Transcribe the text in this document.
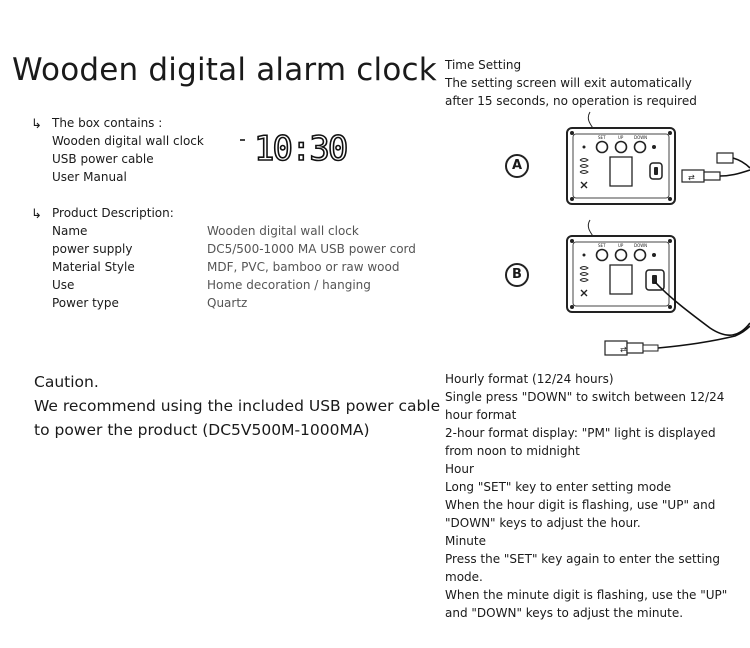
Wooden digital alarm clock
↳ The box contains :
Wooden digital wall clock
USB power cable
User Manual
10:30
↳ Product Description:
Name	Wooden digital wall clock
power supply	DC5/500-1000 MA USB power cord
Material Style	MDF, PVC, bamboo or raw wood
Use	Home decoration / hanging
Power type	Quartz
Caution.
We recommend using the included USB power cable
to power the product (DC5V500M-1000MA)
Time Setting
The setting screen will exit automatically
after 15 seconds, no operation is required
A
SET	UP	DOWN
⇄
B
SET	UP	DOWN
⇄
Hourly format (12/24 hours)
Single press "DOWN" to switch between 12/24
hour format
2-hour format display: "PM" light is displayed
from noon to midnight
Hour
Long "SET" key to enter setting mode
When the hour digit is flashing, use "UP" and
"DOWN" keys to adjust the hour.
Minute
Press the "SET" key again to enter the setting
mode.
When the minute digit is flashing, use the "UP"
and "DOWN" keys to adjust the minute.
